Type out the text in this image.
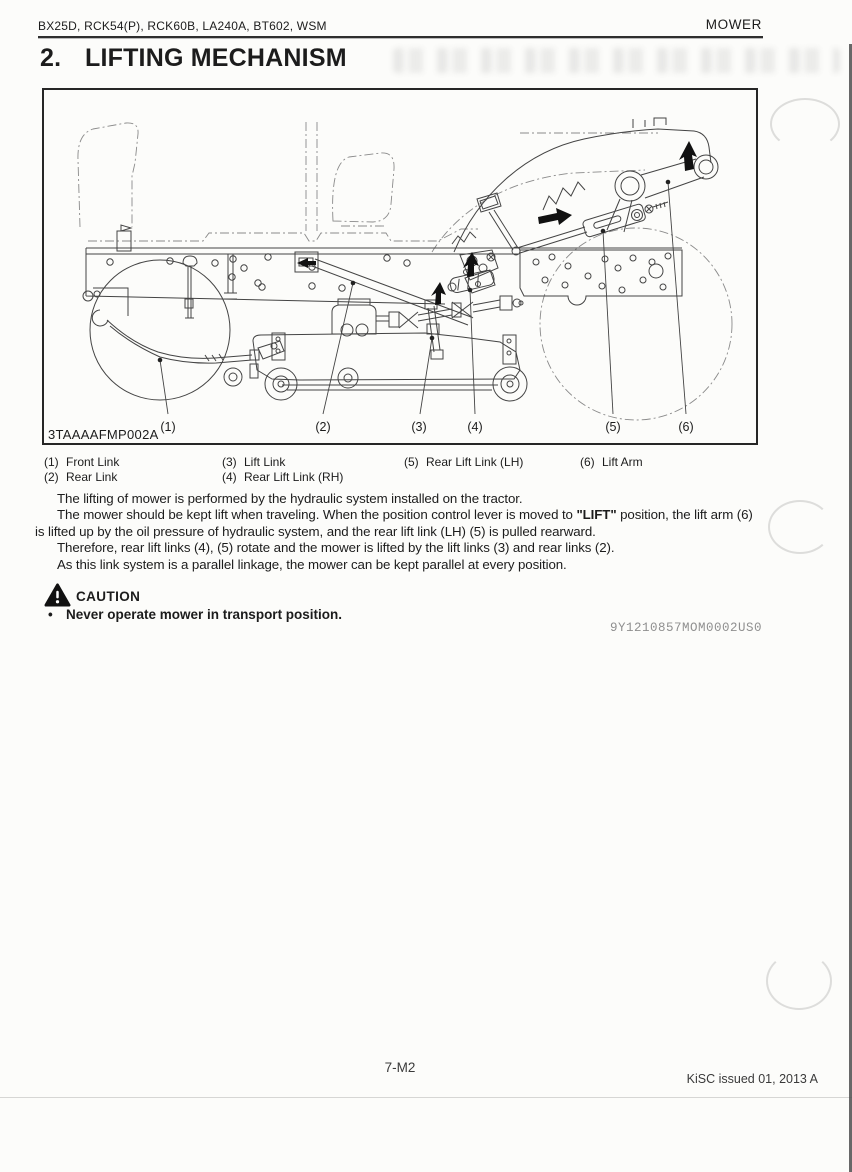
BX25D, RCK54(P), RCK60B, LA240A, BT602, WSM	MOWER
2. LIFTING MECHANISM
3TAAAAFMP002A (1)	(2)	(3)	(4)	(5)	(6)
(1) Front Link
(2) Rear Link
(3) Lift Link
(4) Rear Lift Link (RH)
(5) Rear Lift Link (LH)	(6) Lift Arm

The lifting of mower is performed by the hydraulic system installed on the tractor.

The mower should be kept lift when traveling. When the position control lever is moved to "LIFT" position, the lift arm (6) is lifted up by the oil pressure of hydraulic system, and the rear lift link (LH) (5) is pulled rearward.

Therefore, rear lift links (4), (5) rotate and the mower is lifted by the lift links (3) and rear links (2).

As this link system is a parallel linkage, the mower can be kept parallel at every position.

CAUTION
• Never operate mower in transport position.
9Y1210857MOM0002US0
7-M2
KiSC issued 01, 2013 A
